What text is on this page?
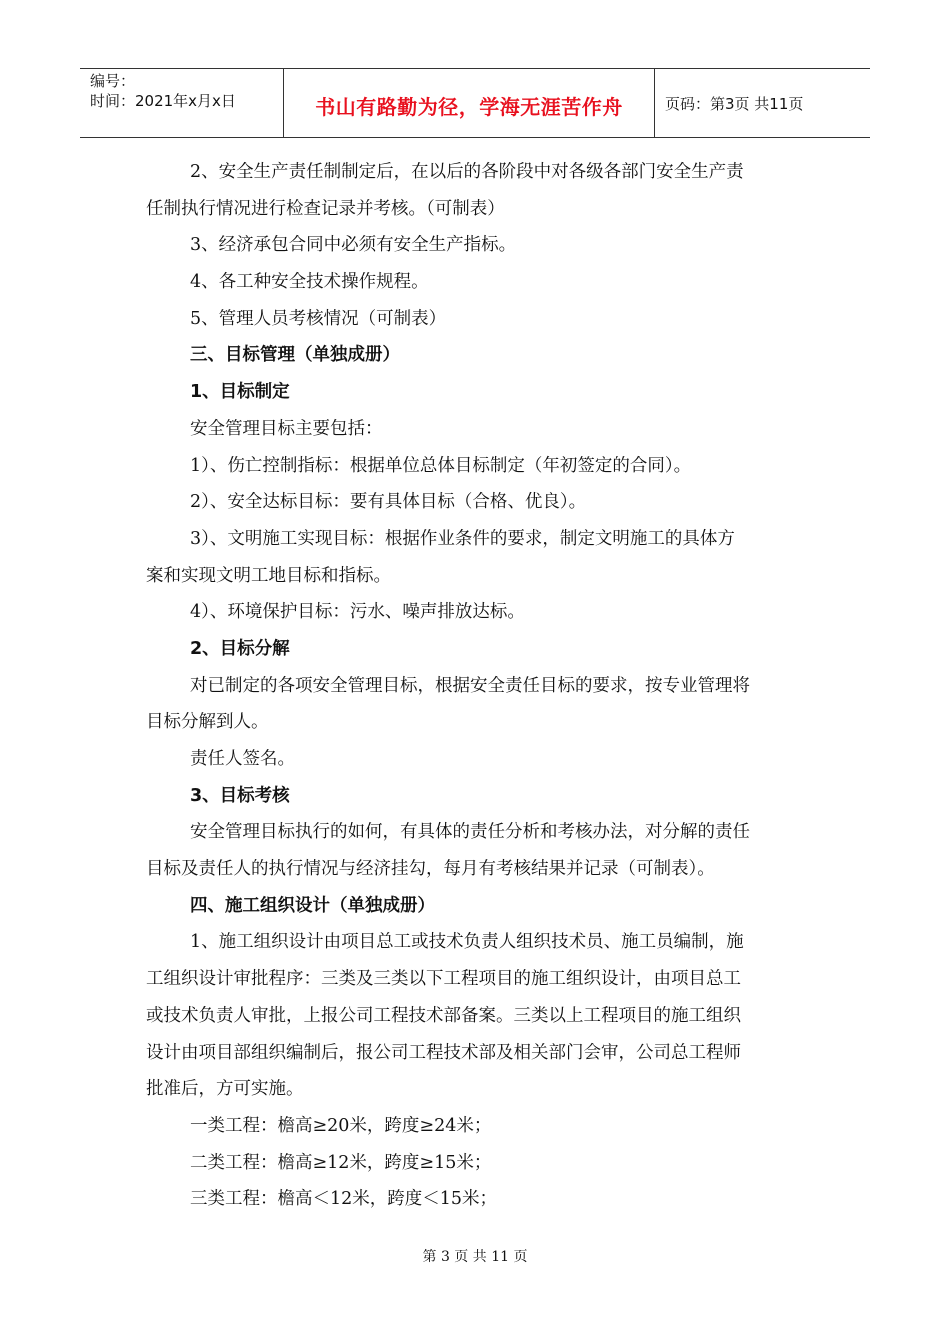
编号：
时间：2021年x月x日	书山有路勤为径，学海无涯苦作舟	页码：第3页 共11页
2、安全生产责任制制定后，在以后的各阶段中对各级各部门安全生产责
任制执行情况进行检查记录并考核。（可制表）
3、经济承包合同中必须有安全生产指标。
4、各工种安全技术操作规程。
5、管理人员考核情况（可制表）
三、目标管理（单独成册）
1、目标制定
安全管理目标主要包括：
1）、伤亡控制指标：根据单位总体目标制定（年初签定的合同）。
2）、安全达标目标：要有具体目标（合格、优良）。
3）、文明施工实现目标：根据作业条件的要求，制定文明施工的具体方
案和实现文明工地目标和指标。
4）、环境保护目标：污水、噪声排放达标。
2、目标分解
对已制定的各项安全管理目标，根据安全责任目标的要求，按专业管理将
目标分解到人。
责任人签名。
3、目标考核
安全管理目标执行的如何，有具体的责任分析和考核办法，对分解的责任
目标及责任人的执行情况与经济挂勾，每月有考核结果并记录（可制表）。
四、施工组织设计（单独成册）
1、施工组织设计由项目总工或技术负责人组织技术员、施工员编制，施
工组织设计审批程序：三类及三类以下工程项目的施工组织设计，由项目总工
或技术负责人审批，上报公司工程技术部备案。三类以上工程项目的施工组织
设计由项目部组织编制后，报公司工程技术部及相关部门会审，公司总工程师
批准后，方可实施。
一类工程：檐高≥20米，跨度≥24米；
二类工程：檐高≥12米，跨度≥15米；
三类工程：檐高＜12米，跨度＜15米；
第 3 页 共 11 页
